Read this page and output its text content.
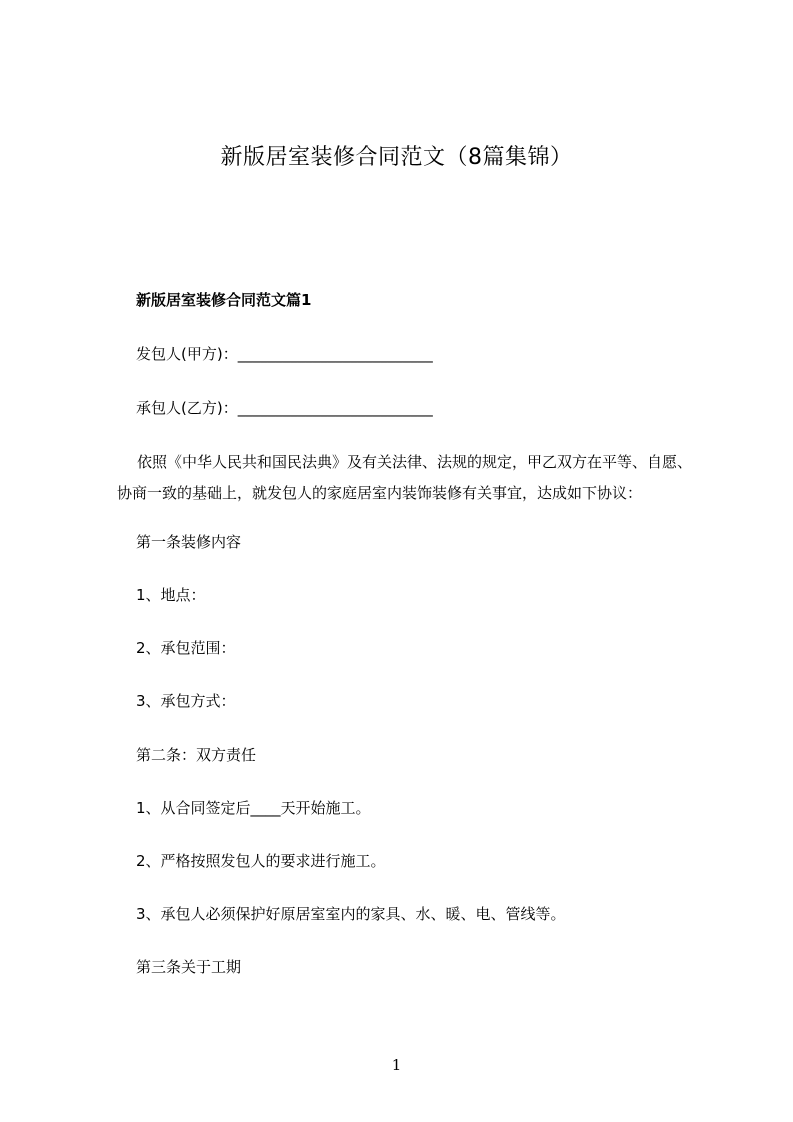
新版居室装修合同范文（8篇集锦）
新版居室装修合同范文篇1
发包人(甲方)：__________________________
承包人(乙方)：__________________________
依照《中华人民共和国民法典》及有关法律、法规的规定，甲乙双方在平等、自愿、协商一致的基础上，就发包人的家庭居室内装饰装修有关事宜，达成如下协议：
第一条装修内容
1、地点：
2、承包范围：
3、承包方式：
第二条：双方责任
1、从合同签定后____天开始施工。
2、严格按照发包人的要求进行施工。
3、承包人必须保护好原居室室内的家具、水、暖、电、管线等。
第三条关于工期
1
